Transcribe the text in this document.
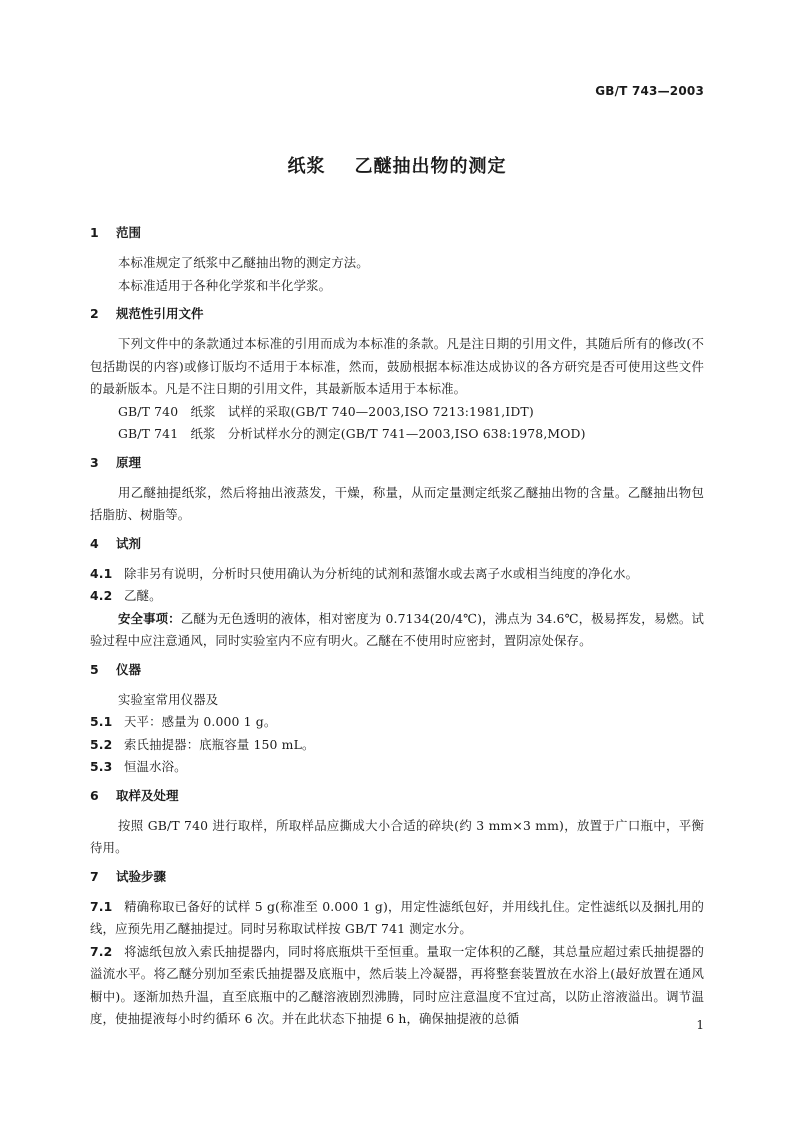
GB/T 743—2003
纸浆    乙醚抽出物的测定
1 范围

本标准规定了纸浆中乙醚抽出物的测定方法。

本标准适用于各种化学浆和半化学浆。

2 规范性引用文件

下列文件中的条款通过本标准的引用而成为本标准的条款。凡是注日期的引用文件，其随后所有的修改(不包括勘误的内容)或修订版均不适用于本标准，然而，鼓励根据本标准达成协议的各方研究是否可使用这些文件的最新版本。凡是不注日期的引用文件，其最新版本适用于本标准。

GB/T 740   纸浆   试样的采取(GB/T 740—2003,ISO 7213:1981,IDT)

GB/T 741   纸浆   分析试样水分的测定(GB/T 741—2003,ISO 638:1978,MOD)

3 原理

用乙醚抽提纸浆，然后将抽出液蒸发，干燥，称量，从而定量测定纸浆乙醚抽出物的含量。乙醚抽出物包括脂肪、树脂等。

4 试剂

4.1 除非另有说明，分析时只使用确认为分析纯的试剂和蒸馏水或去离子水或相当纯度的净化水。

4.2 乙醚。

安全事项：乙醚为无色透明的液体，相对密度为 0.7134(20/4℃)，沸点为 34.6℃，极易挥发，易燃。试验过程中应注意通风，同时实验室内不应有明火。乙醚在不使用时应密封，置阴凉处保存。

5 仪器

实验室常用仪器及

5.1 天平：感量为 0.000 1 g。

5.2 索氏抽提器：底瓶容量 150 mL。

5.3 恒温水浴。

6 取样及处理

按照 GB/T 740 进行取样，所取样品应撕成大小合适的碎块(约 3 mm×3 mm)，放置于广口瓶中，平衡待用。

7 试验步骤

7.1 精确称取已备好的试样 5 g(称准至 0.000 1 g)，用定性滤纸包好，并用线扎住。定性滤纸以及捆扎用的线，应预先用乙醚抽提过。同时另称取试样按 GB/T 741 测定水分。

7.2 将滤纸包放入索氏抽提器内，同时将底瓶烘干至恒重。量取一定体积的乙醚，其总量应超过索氏抽提器的溢流水平。将乙醚分别加至索氏抽提器及底瓶中，然后装上冷凝器，再将整套装置放在水浴上(最好放置在通风橱中)。逐渐加热升温，直至底瓶中的乙醚溶液剧烈沸腾，同时应注意温度不宜过高，以防止溶液溢出。调节温度，使抽提液每小时约循环 6 次。并在此状态下抽提 6 h，确保抽提液的总循	1
